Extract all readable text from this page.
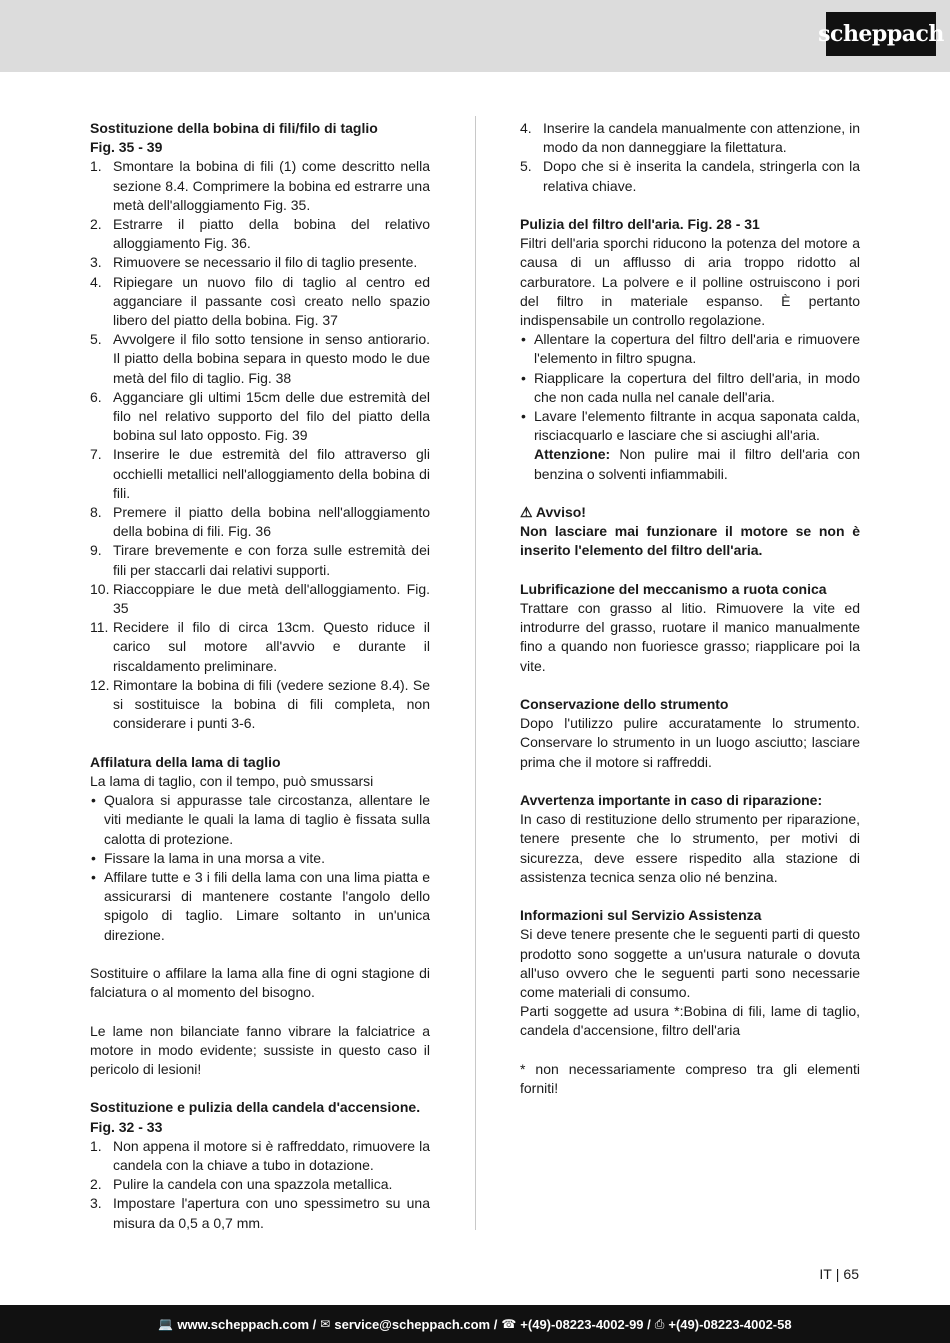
scheppach

Sostituzione della bobina di fili/filo di taglio

Fig. 35 - 39

1. Smontare la bobina di fili (1) come descritto nella sezione 8.4. Comprimere la bobina ed estrarre una metà dell'alloggiamento Fig. 35.
2. Estrarre il piatto della bobina del relativo alloggiamento Fig. 36.
3. Rimuovere se necessario il filo di taglio presente.
4. Ripiegare un nuovo filo di taglio al centro ed agganciare il passante così creato nello spazio libero del piatto della bobina. Fig. 37
5. Avvolgere il filo sotto tensione in senso antiorario. Il piatto della bobina separa in questo modo le due metà del filo di taglio. Fig. 38
6. Agganciare gli ultimi 15cm delle due estremità del filo nel relativo supporto del filo del piatto della bobina sul lato opposto. Fig. 39
7. Inserire le due estremità del filo attraverso gli occhielli metallici nell'alloggiamento della bobina di fili.
8. Premere il piatto della bobina nell'alloggiamento della bobina di fili. Fig. 36
9. Tirare brevemente e con forza sulle estremità dei fili per staccarli dai relativi supporti.
10. Riaccoppiare le due metà dell'alloggiamento. Fig. 35
11. Recidere il filo di circa 13cm. Questo riduce il carico sul motore all'avvio e durante il riscaldamento preliminare.
12. Rimontare la bobina di fili (vedere sezione 8.4). Se si sostituisce la bobina di fili completa, non considerare i punti 3-6.

Affilatura della lama di taglio

La lama di taglio, con il tempo, può smussarsi

• Qualora si appurasse tale circostanza, allentare le viti mediante le quali la lama di taglio è fissata sulla calotta di protezione.
• Fissare la lama in una morsa a vite.
• Affilare tutte e 3 i fili della lama con una lima piatta e assicurarsi di mantenere costante l'angolo dello spigolo di taglio. Limare soltanto in un'unica direzione.

Sostituire o affilare la lama alla fine di ogni stagione di falciatura o al momento del bisogno.

Le lame non bilanciate fanno vibrare la falciatrice a motore in modo evidente; sussiste in questo caso il pericolo di lesioni!

Sostituzione e pulizia della candela d'accensione. Fig. 32 - 33

1. Non appena il motore si è raffreddato, rimuovere la candela con la chiave a tubo in dotazione.
2. Pulire la candela con una spazzola metallica.
3. Impostare l'apertura con uno spessimetro su una misura da 0,5 a 0,7 mm.
4. Inserire la candela manualmente con attenzione, in modo da non danneggiare la filettatura.
5. Dopo che si è inserita la candela, stringerla con la relativa chiave.

Pulizia del filtro dell'aria. Fig. 28 - 31

Filtri dell'aria sporchi riducono la potenza del motore a causa di un afflusso di aria troppo ridotto al carburatore. La polvere e il polline ostruiscono i pori del filtro in materiale espanso. È pertanto indispensabile un controllo regolazione.

• Allentare la copertura del filtro dell'aria e rimuovere l'elemento in filtro spugna.
• Riapplicare la copertura del filtro dell'aria, in modo che non cada nulla nel canale dell'aria.
• Lavare l'elemento filtrante in acqua saponata calda, risciacquarlo e lasciare che si asciughi all'aria.
Attenzione: Non pulire mai il filtro dell'aria con benzina o solventi infiammabili.

⚠ Avviso!

Non lasciare mai funzionare il motore se non è inserito l'elemento del filtro dell'aria.

Lubrificazione del meccanismo a ruota conica

Trattare con grasso al litio. Rimuovere la vite ed introdurre del grasso, ruotare il manico manualmente fino a quando non fuoriesce grasso; riapplicare poi la vite.

Conservazione dello strumento

Dopo l'utilizzo pulire accuratamente lo strumento. Conservare lo strumento in un luogo asciutto; lasciare prima che il motore si raffreddi.

Avvertenza importante in caso di riparazione:

In caso di restituzione dello strumento per riparazione, tenere presente che lo strumento, per motivi di sicurezza, deve essere rispedito alla stazione di assistenza tecnica senza olio né benzina.

Informazioni sul Servizio Assistenza

Si deve tenere presente che le seguenti parti di questo prodotto sono soggette a un'usura naturale o dovuta all'uso ovvero che le seguenti parti sono necessarie come materiali di consumo.

Parti soggette ad usura *:Bobina di fili, lame di taglio, candela d'accensione, filtro dell'aria

* non necessariamente compreso tra gli elementi forniti!

IT | 65
💻 www.scheppach.com / ✉ service@scheppach.com / ☎ +(49)-08223-4002-99 / ⎙ +(49)-08223-4002-58
